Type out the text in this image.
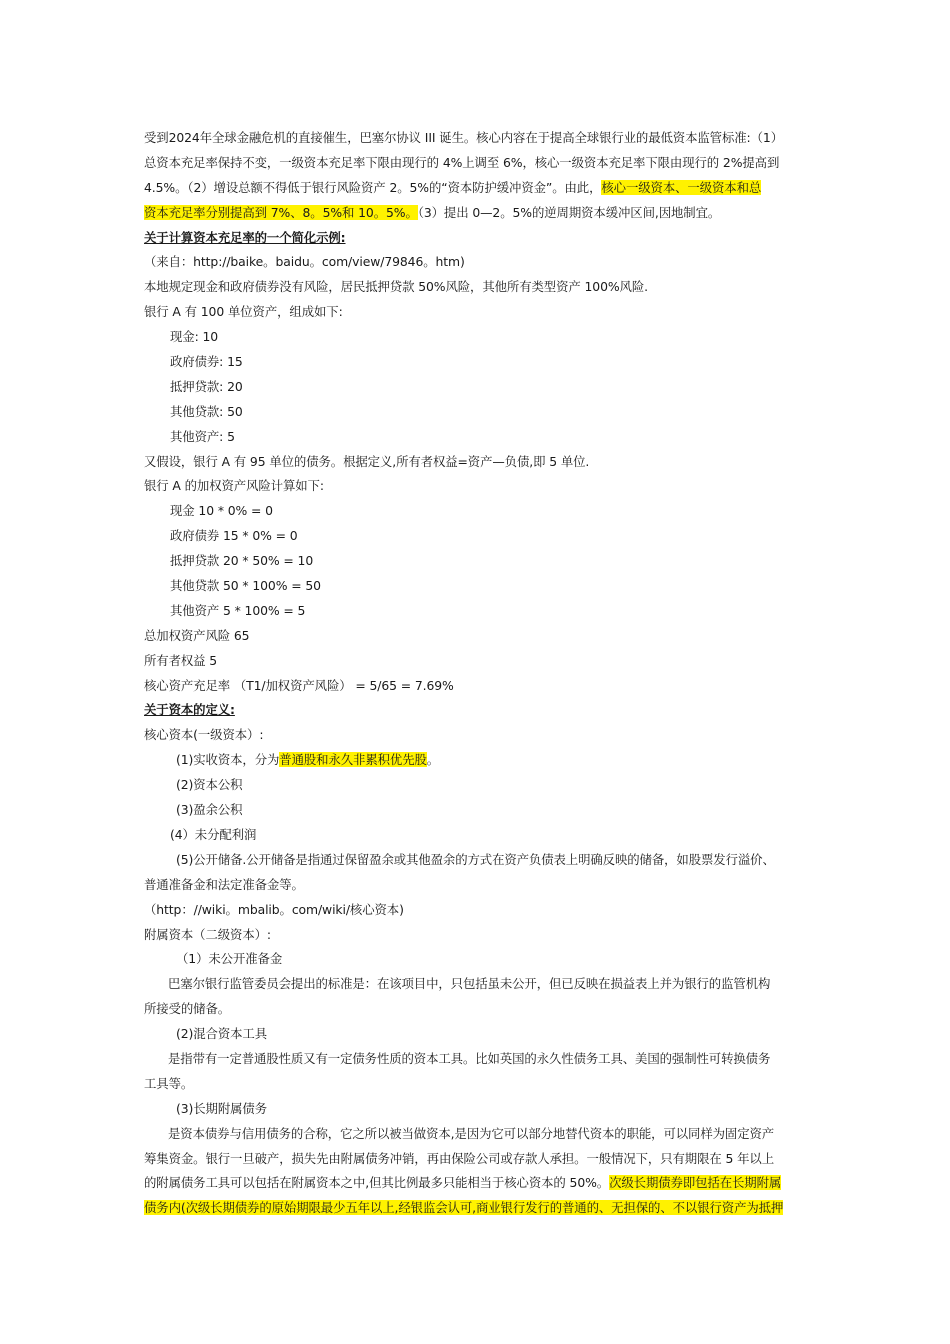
受到2024年全球金融危机的直接催生，巴塞尔协议 III 诞生。核心内容在于提高全球银行业的最低资本监管标准:（1）
总资本充足率保持不变，一级资本充足率下限由现行的 4%上调至 6%，核心一级资本充足率下限由现行的 2%提高到
4.5%。（2）增设总额不得低于银行风险资产 2。5%的“资本防护缓冲资金”。由此，核心一级资本、一级资本和总
资本充足率分别提高到 7%、8。5%和 10。5%。（3）提出 0—2。5%的逆周期资本缓冲区间,因地制宜。
关于计算资本充足率的一个简化示例:
（来自：http://baike。baidu。com/view/79846。htm)
本地规定现金和政府债券没有风险，居民抵押贷款 50%风险，其他所有类型资产 100%风险.
银行 A 有 100 单位资产，组成如下:
现金: 10
政府债券: 15
抵押贷款: 20
其他贷款: 50
其他资产: 5
又假设，银行 A 有 95 单位的债务。根据定义,所有者权益=资产—负债,即 5 单位.
银行 A 的加权资产风险计算如下:
现金 10 * 0% = 0
政府债券 15 * 0% = 0
抵押贷款 20 * 50% = 10
其他贷款 50 * 100% = 50
其他资产 5 * 100% = 5
总加权资产风险 65
所有者权益 5
核心资产充足率 （T1/加权资产风险） = 5/65 = 7.69%
关于资本的定义:
核心资本(一级资本）:
(1)实收资本，分为普通股和永久非累积优先股。
(2)资本公积
(3)盈余公积
(4）未分配利润
(5)公开储备.公开储备是指通过保留盈余或其他盈余的方式在资产负债表上明确反映的储备，如股票发行溢价、
普通准备金和法定准备金等。
（http：//wiki。mbalib。com/wiki/核心资本)
附属资本（二级资本）:
（1）未公开准备金
巴塞尔银行监管委员会提出的标准是：在该项目中，只包括虽未公开，但已反映在损益表上并为银行的监管机构
所接受的储备。
(2)混合资本工具
是指带有一定普通股性质又有一定债务性质的资本工具。比如英国的永久性债务工具、美国的强制性可转换债务
工具等。
(3)长期附属债务
是资本债券与信用债务的合称，它之所以被当做资本,是因为它可以部分地替代资本的职能，可以同样为固定资产
筹集资金。银行一旦破产，损失先由附属债务冲销，再由保险公司或存款人承担。一般情况下，只有期限在 5 年以上
的附属债务工具可以包括在附属资本之中,但其比例最多只能相当于核心资本的 50%。次级长期债券即包括在长期附属
债务内(次级长期债券的原始期限最少五年以上,经银监会认可,商业银行发行的普通的、无担保的、不以银行资产为抵押
